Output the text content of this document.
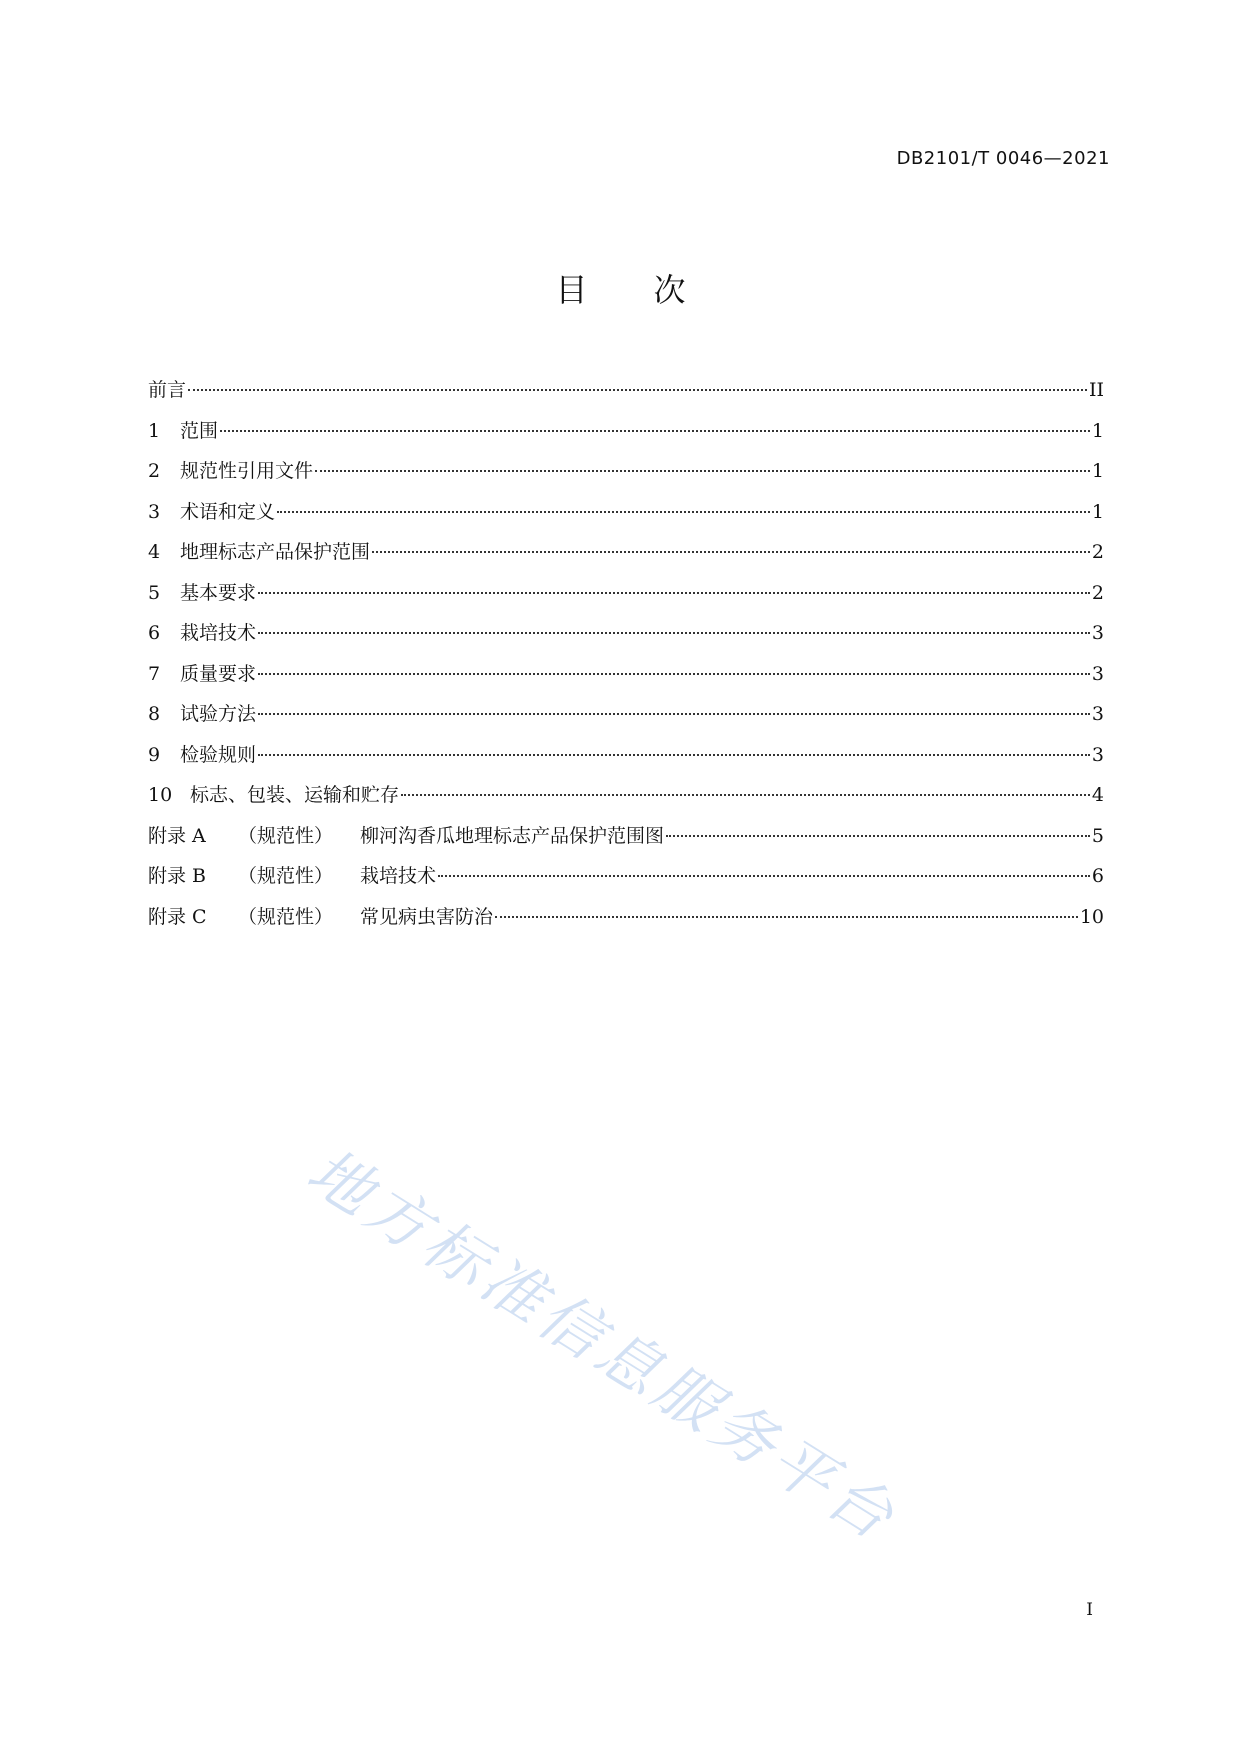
DB2101/T 0046—2021
目次
前言	II
1	范围	1
2	规范性引用文件	1
3	术语和定义	1
4	地理标志产品保护范围	2
5	基本要求	2
6	栽培技术	3
7	质量要求	3
8	试验方法	3
9	检验规则	3
10 标志、包装、运输和贮存	4
附录 A	（规范性）	柳河沟香瓜地理标志产品保护范围图	5
附录 B	（规范性）	栽培技术	6
附录 C	（规范性）	常见病虫害防治	10
地方标准信息服务平台
I
